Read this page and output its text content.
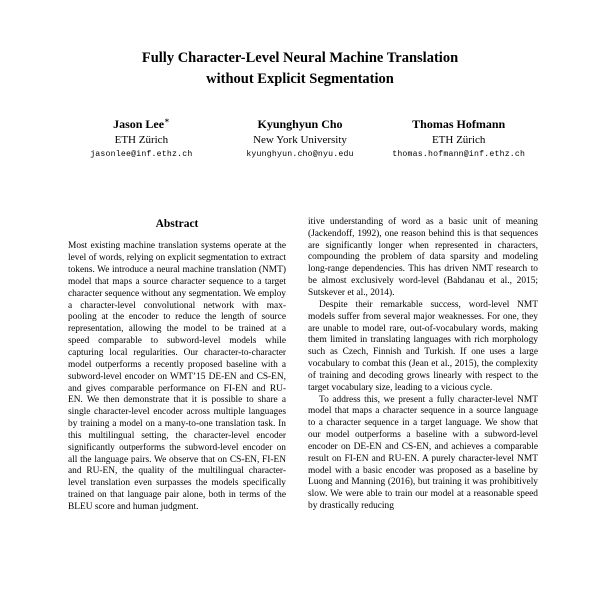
Fully Character-Level Neural Machine Translation
without Explicit Segmentation
Jason Lee∗
ETH Zürich
jasonlee@inf.ethz.ch
Kyunghyun Cho
New York University
kyunghyun.cho@nyu.edu
Thomas Hofmann
ETH Zürich
thomas.hofmann@inf.ethz.ch
Abstract

Most existing machine translation systems operate at the level of words, relying on explicit segmentation to extract tokens. We introduce a neural machine translation (NMT) model that maps a source character sequence to a target character sequence without any segmentation. We employ a character-level convolutional network with max-pooling at the encoder to reduce the length of source representation, allowing the model to be trained at a speed comparable to subword-level models while capturing local regularities. Our character-to-character model outperforms a recently proposed baseline with a subword-level encoder on WMT’15 DE-EN and CS-EN, and gives comparable performance on FI-EN and RU-EN. We then demonstrate that it is possible to share a single character-level encoder across multiple languages by training a model on a many-to-one translation task. In this multilingual setting, the character-level encoder significantly outperforms the subword-level encoder on all the language pairs. We observe that on CS-EN, FI-EN and RU-EN, the quality of the multilingual character-level translation even surpasses the models specifically trained on that language pair alone, both in terms of the BLEU score and human judgment.

itive understanding of word as a basic unit of meaning (Jackendoff, 1992), one reason behind this is that sequences are significantly longer when represented in characters, compounding the problem of data sparsity and modeling long-range dependencies. This has driven NMT research to be almost exclusively word-level (Bahdanau et al., 2015; Sutskever et al., 2014).

Despite their remarkable success, word-level NMT models suffer from several major weaknesses. For one, they are unable to model rare, out-of-vocabulary words, making them limited in translating languages with rich morphology such as Czech, Finnish and Turkish. If one uses a large vocabulary to combat this (Jean et al., 2015), the complexity of training and decoding grows linearly with respect to the target vocabulary size, leading to a vicious cycle.

To address this, we present a fully character-level NMT model that maps a character sequence in a source language to a character sequence in a target language. We show that our model outperforms a baseline with a subword-level encoder on DE-EN and CS-EN, and achieves a comparable result on FI-EN and RU-EN. A purely character-level NMT model with a basic encoder was proposed as a baseline by Luong and Manning (2016), but training it was prohibitively slow. We were able to train our model at a reasonable speed by drastically reducing
